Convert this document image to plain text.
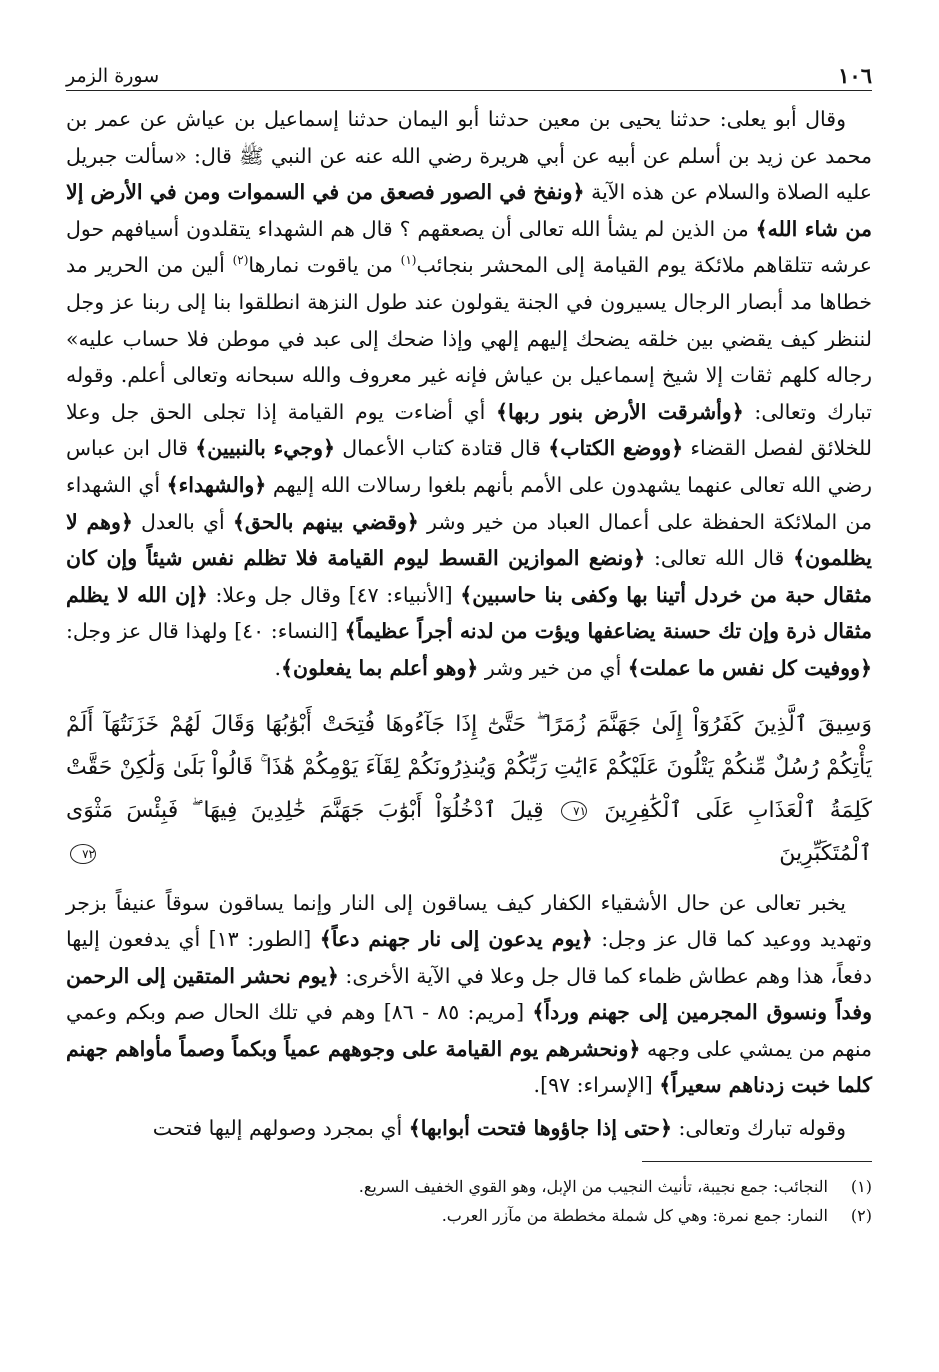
١٠٦
سورة الزمر

وقال أبو يعلى: حدثنا يحيى بن معين حدثنا أبو اليمان حدثنا إسماعيل بن عياش عن عمر بن محمد عن زيد بن أسلم عن أبيه عن أبي هريرة رضي الله عنه عن النبي ﷺ قال: «سألت جبريل عليه الصلاة والسلام عن هذه الآية ﴿ونفخ في الصور فصعق من في السموات ومن في الأرض إلا من شاء الله﴾ من الذين لم يشأ الله تعالى أن يصعقهم ؟ قال هم الشهداء يتقلدون أسيافهم حول عرشه تتلقاهم ملائكة يوم القيامة إلى المحشر بنجائب$^{(١)}$ من ياقوت نمارها$^{(٢)}$ ألين من الحرير مد خطاها مد أبصار الرجال يسيرون في الجنة يقولون عند طول النزهة انطلقوا بنا إلى ربنا عز وجل لننظر كيف يقضي بين خلقه يضحك إليهم إلهي وإذا ضحك إلى عبد في موطن فلا حساب عليه» رجاله كلهم ثقات إلا شيخ إسماعيل بن عياش فإنه غير معروف والله سبحانه وتعالى أعلم. وقوله تبارك وتعالى: ﴿وأشرقت الأرض بنور ربها﴾ أي أضاءت يوم القيامة إذا تجلى الحق جل وعلا للخلائق لفصل القضاء ﴿ووضع الكتاب﴾ قال قتادة كتاب الأعمال ﴿وجيء بالنبيين﴾ قال ابن عباس رضي الله تعالى عنهما يشهدون على الأمم بأنهم بلغوا رسالات الله إليهم ﴿والشهداء﴾ أي الشهداء من الملائكة الحفظة على أعمال العباد من خير وشر ﴿وقضي بينهم بالحق﴾ أي بالعدل ﴿وهم لا يظلمون﴾ قال الله تعالى: ﴿ونضع الموازين القسط ليوم القيامة فلا تظلم نفس شيئاً وإن كان مثقال حبة من خردل أتينا بها وكفى بنا حاسبين﴾ [الأنبياء: ٤٧] وقال جل وعلا: ﴿إن الله لا يظلم مثقال ذرة وإن تك حسنة يضاعفها ويؤت من لدنه أجراً عظيماً﴾ [النساء: ٤٠] ولهذا قال عز وجل: ﴿ووفيت كل نفس ما عملت﴾ أي من خير وشر ﴿وهو أعلم بما يفعلون﴾.

وَسِيقَ ٱلَّذِينَ كَفَرُوٓاْ إِلَىٰ جَهَنَّمَ زُمَرًا ۖ حَتَّىٰٓ إِذَا جَآءُوهَا فُتِحَتْ أَبْوَٰبُهَا وَقَالَ لَهُمْ خَزَنَتُهَآ أَلَمْ يَأْتِكُمْ رُسُلٌ مِّنكُمْ يَتْلُونَ عَلَيْكُمْ ءَايَٰتِ رَبِّكُمْ وَيُنذِرُونَكُمْ لِقَآءَ يَوْمِكُمْ هَٰذَا ۚ قَالُواْ بَلَىٰ وَلَٰكِنْ حَقَّتْ كَلِمَةُ ٱلْعَذَابِ عَلَى ٱلْكَٰفِرِينَ ٧١ قِيلَ ٱدْخُلُوٓاْ أَبْوَٰبَ جَهَنَّمَ خَٰلِدِينَ فِيهَا ۖ فَبِئْسَ مَثْوَى ٱلْمُتَكَبِّرِينَ ٧٢

يخبر تعالى عن حال الأشقياء الكفار كيف يساقون إلى النار وإنما يساقون سوقاً عنيفاً بزجر وتهديد ووعيد كما قال عز وجل: ﴿يوم يدعون إلى نار جهنم دعاً﴾ [الطور: ١٣] أي يدفعون إليها دفعاً، هذا وهم عطاش ظماء كما قال جل وعلا في الآية الأخرى: ﴿يوم نحشر المتقين إلى الرحمن وفداً ونسوق المجرمين إلى جهنم ورداً﴾ [مريم: ٨٥ - ٨٦] وهم في تلك الحال صم وبكم وعمي منهم من يمشي على وجهه ﴿ونحشرهم يوم القيامة على وجوههم عمياً وبكماً وصماً مأواهم جهنم كلما خبت زدناهم سعيراً﴾ [الإسراء: ٩٧].

وقوله تبارك وتعالى: ﴿حتى إذا جاؤوها فتحت أبوابها﴾ أي بمجرد وصولهم إليها فتحت

(١)
النجائب: جمع نجيبة، تأنيث النجيب من الإبل، وهو القوي الخفيف السريع.
(٢)
النمار: جمع نمرة: وهي كل شملة مخططة من مآزر العرب.
